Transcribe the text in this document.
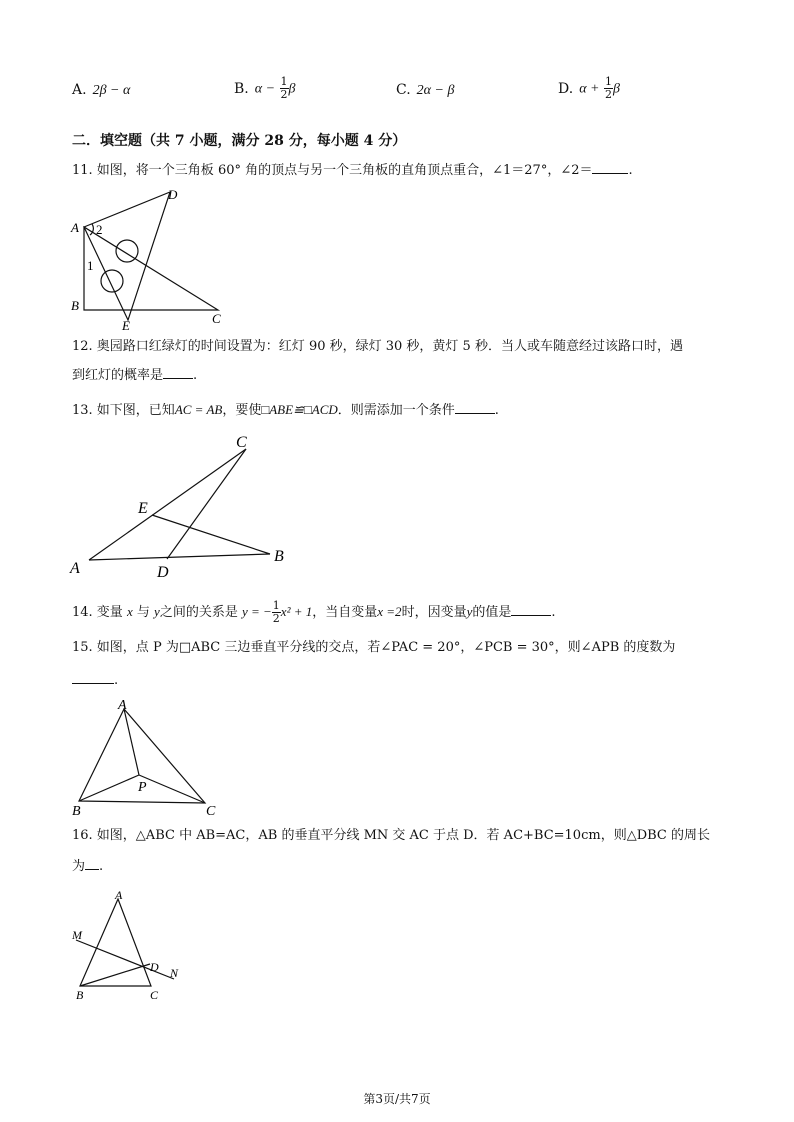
A. 2β − α	B. $\alpha - \frac{1}{2}$ β	C. 2α − β	D. $\alpha + \frac{1}{2}$ β
二．填空题（共 7 小题，满分 28 分，每小题 4 分）
11. 如图，将一个三角板 60° 角的顶点与另一个三角板的直角顶点重合，∠1＝27°，∠2＝	.
A
B
C
D
E
1
2
12. 奥园路口红绿灯的时间设置为：红灯 90 秒，绿灯 30 秒，黄灯 5 秒．当人或车随意经过该路口时，遇
到红灯的概率是 .
13. 如下图，已知AC = AB，要使□ABE≌□ACD．则需添加一个条件	.
A
B
C
D
E
14. 变量 x 与 y之间的关系是 y = − $\frac{1}{2} x^2 + 1$，当自变量x =2时，因变量y的值是	.
15. 如图，点 P 为□ABC 三边垂直平分线的交点，若∠PAC = 20°，∠PCB = 30°，则∠APB 的度数为
.
A
B	C
P
16. 如图，△ABC 中 AB=AC，AB 的垂直平分线 MN 交 AC 于点 D．若 AC+BC=10cm，则△DBC 的周长
为 .
A
B	C
D
M
N
第3页/共7页
